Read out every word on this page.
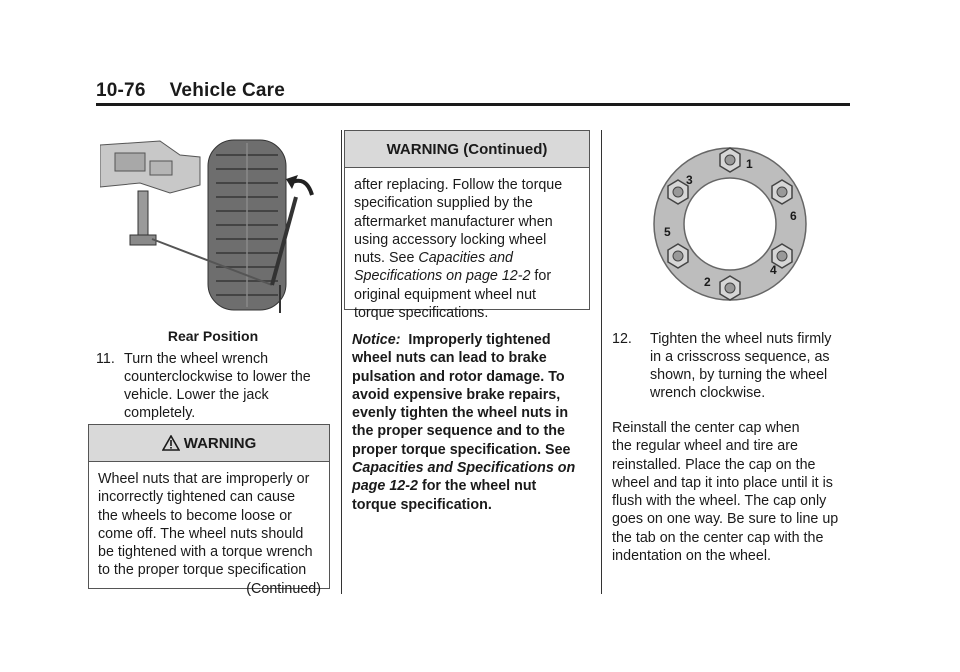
10-76 Vehicle Care
Rear Position
11. Turn the wheel wrench
counterclockwise to lower the
vehicle. Lower the jack
completely.
WARNING
Wheel nuts that are improperly or
incorrectly tightened can cause
the wheels to become loose or
come off. The wheel nuts should
be tightened with a torque wrench
to the proper torque specification
(Continued)
WARNING (Continued)
after replacing. Follow the torque
specification supplied by the
aftermarket manufacturer when
using accessory locking wheel
nuts. See Capacities and
Specifications on page 12-2 for
original equipment wheel nut
torque specifications.
Notice: Improperly tightened
wheel nuts can lead to brake
pulsation and rotor damage. To
avoid expensive brake repairs,
evenly tighten the wheel nuts in
the proper sequence and to the
proper torque specification. See
Capacities and Specifications on
page 12-2 for the wheel nut
torque specification.
1
2
3
4
5
6
12. Tighten the wheel nuts firmly
in a crisscross sequence, as
shown, by turning the wheel
wrench clockwise.
Reinstall the center cap when
the regular wheel and tire are
reinstalled. Place the cap on the
wheel and tap it into place until it is
flush with the wheel. The cap only
goes on one way. Be sure to line up
the tab on the center cap with the
indentation on the wheel.
